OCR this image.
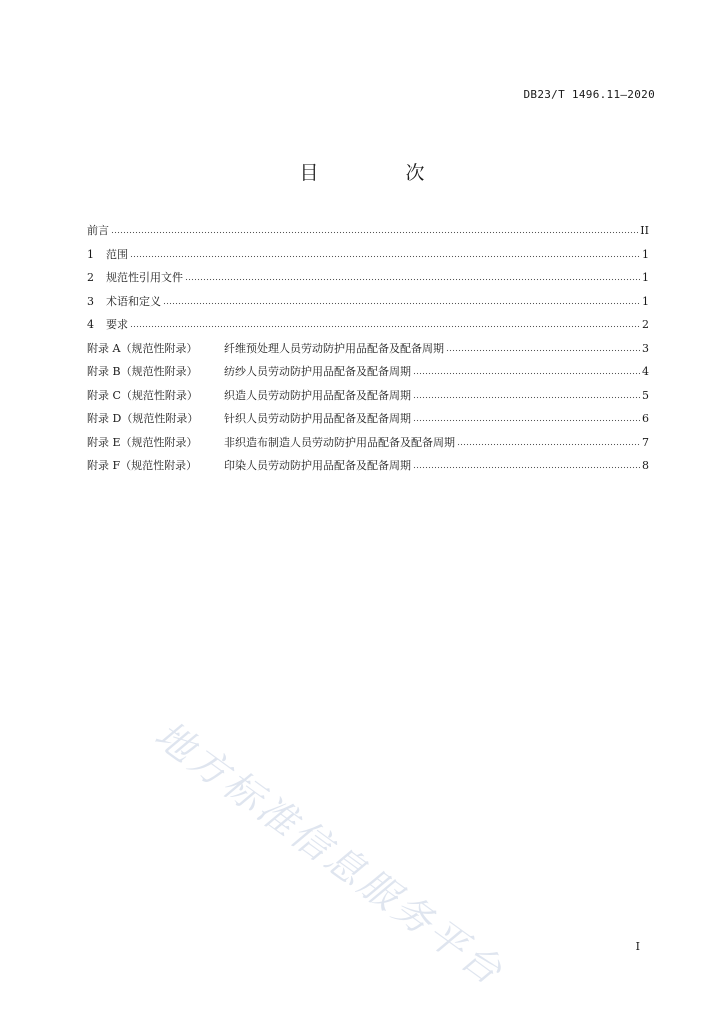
DB23/T 1496.11—2020
目　次
前言	II
1	范围	1
2	规范性引用文件	1
3	术语和定义	1
4	要求	2
附录 A（规范性附录）	纤维预处理人员劳动防护用品配备及配备周期	3
附录 B（规范性附录）	纺纱人员劳动防护用品配备及配备周期	4
附录 C（规范性附录）	织造人员劳动防护用品配备及配备周期	5
附录 D（规范性附录）	针织人员劳动防护用品配备及配备周期	6
附录 E（规范性附录）	非织造布制造人员劳动防护用品配备及配备周期	7
附录 F（规范性附录）	印染人员劳动防护用品配备及配备周期	8
地方标准信息服务平台	I
